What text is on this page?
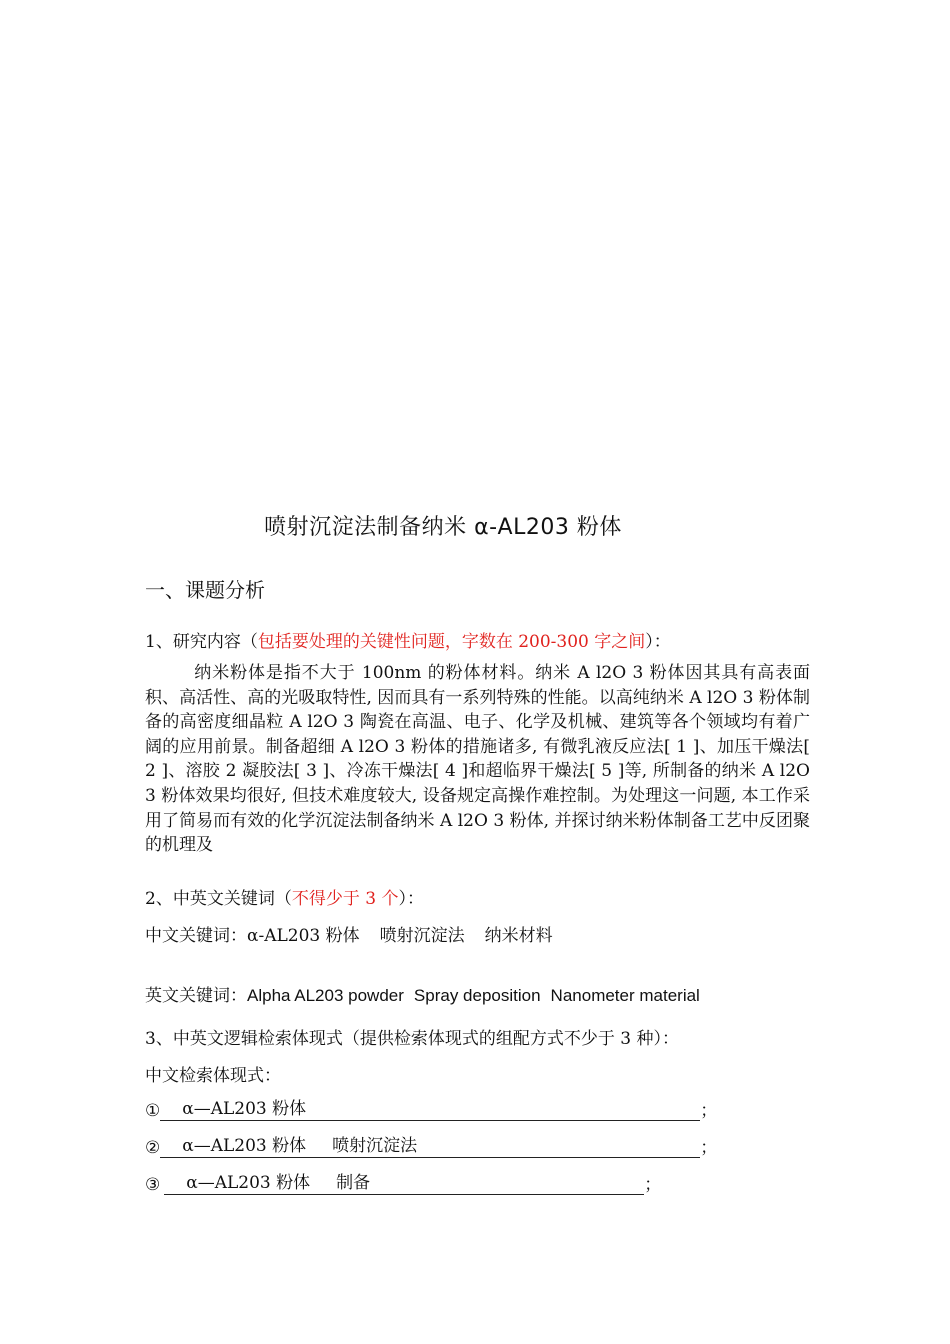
喷射沉淀法制备纳米 α-AL203 粉体
一、课题分析
1、研究内容（包括要处理的关键性问题，字数在 200-300 字之间）：

纳米粉体是指不大于 100nm 的粉体材料。纳米 A l2O 3 粉体因其具有高表面积、高活性、高的光吸取特性, 因而具有一系列特殊的性能。以高纯纳米 A l2O 3 粉体制备的高密度细晶粒 A l2O 3 陶瓷在高温、电子、化学及机械、建筑等各个领域均有着广阔的应用前景。制备超细 A l2O 3 粉体的措施诸多, 有微乳液反应法[ 1 ]、加压干燥法[ 2 ]、溶胶 2 凝胶法[ 3 ]、冷冻干燥法[ 4 ]和超临界干燥法[ 5 ]等, 所制备的纳米 A l2O 3 粉体效果均很好, 但技术难度较大, 设备规定高操作难控制。为处理这一问题, 本工作采用了简易而有效的化学沉淀法制备纳米 A l2O 3 粉体, 并探讨纳米粉体制备工艺中反团聚的机理及

2、中英文关键词（不得少于 3 个）：
中文关键词：α-AL203 粉体 喷射沉淀法 纳米材料
英文关键词：Alpha AL203 powder Spray deposition Nanometer material
3、中英文逻辑检索体现式（提供检索体现式的组配方式不少于 3 种）：
中文检索体现式：
① α—AL203 粉体	；
② α—AL203 粉体 喷射沉淀法	；
③ α—AL203 粉体 制备	；
